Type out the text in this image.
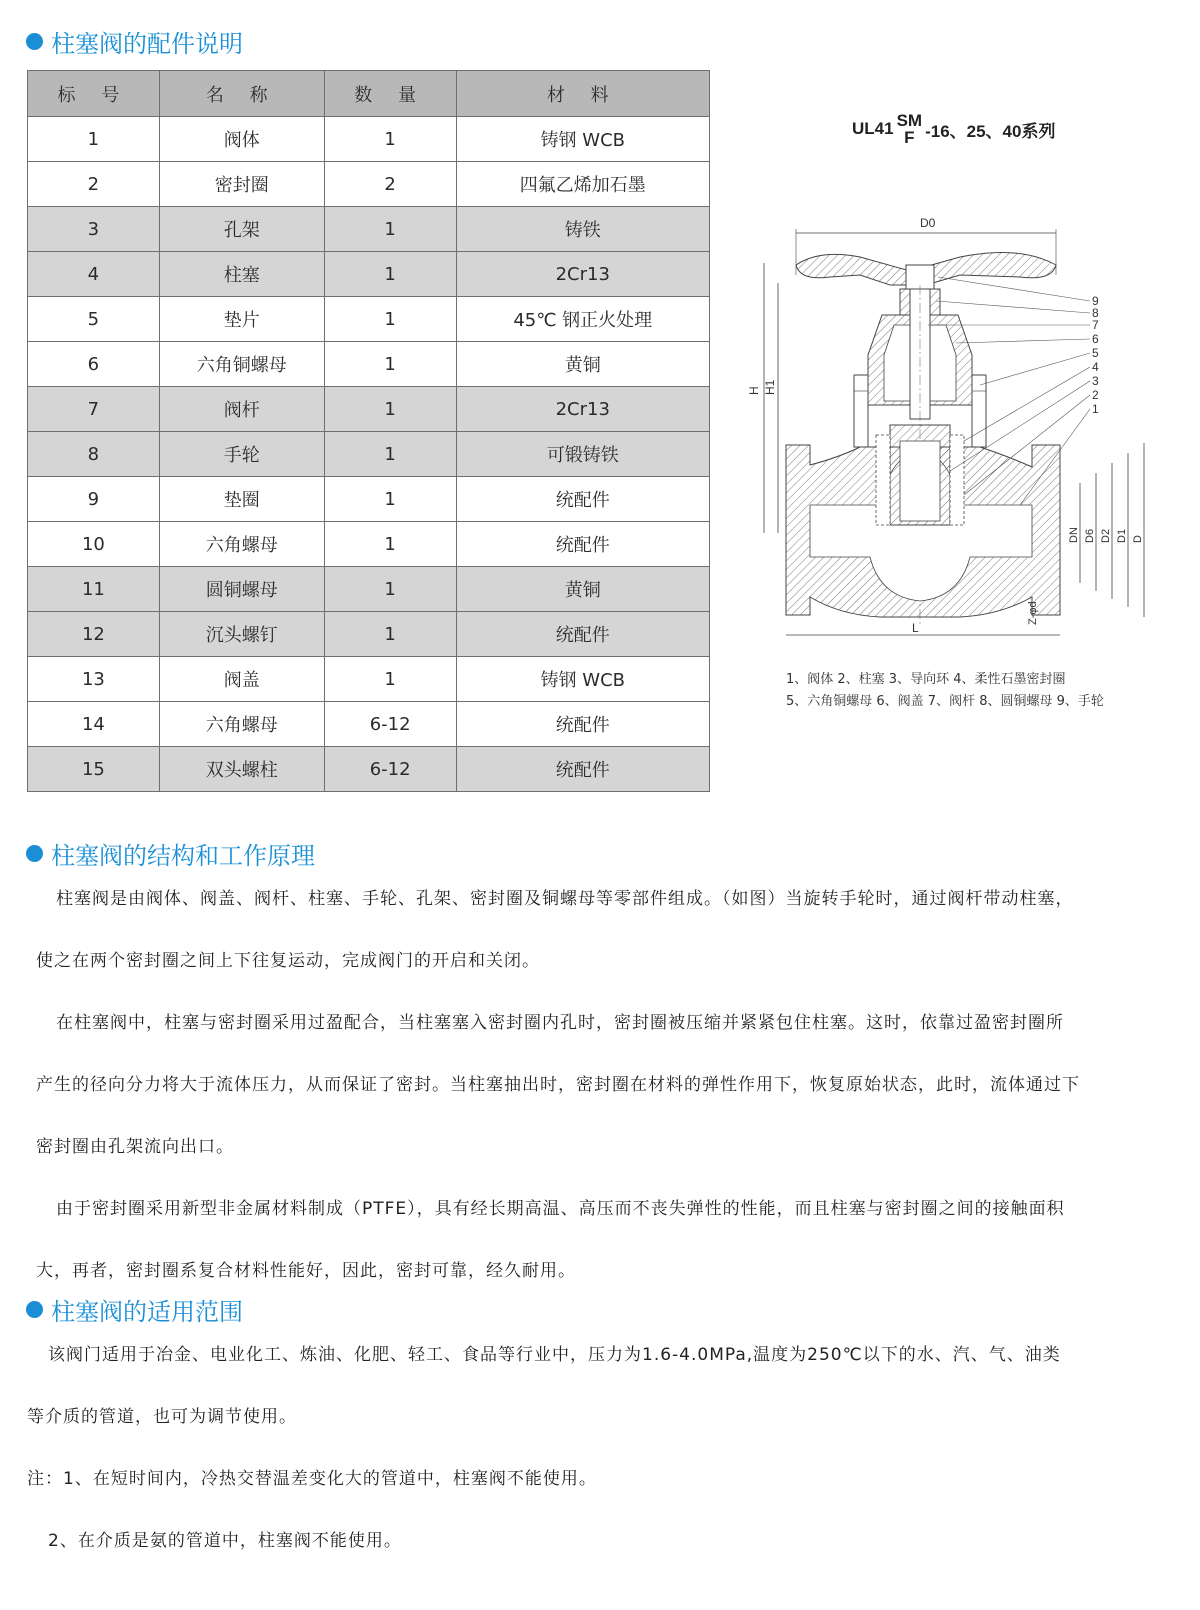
柱塞阀的配件说明
标 号	名 称	数 量	材 料
1	阀体	1	铸钢 WCB
2	密封圈	2	四氟乙烯加石墨
3	孔架	1	铸铁
4	柱塞	1	2Cr13
5	垫片	1	45℃ 钢正火处理
6	六角铜螺母	1	黄铜
7	阀杆	1	2Cr13
8	手轮	1	可锻铸铁
9	垫圈	1	统配件
10	六角螺母	1	统配件
11	圆铜螺母	1	黄铜
12	沉头螺钉	1	统配件
13	阀盖	1	铸钢 WCB
14	六角螺母	6-12	统配件
15	双头螺柱	6-12	统配件
UL41 SM
F -16、25、40系列
D0
9
8
7
6
5
4
3
2
1
H H1
DN D6 D2 D1 D
Z-φd
L
1、阀体 2、柱塞 3、导向环 4、柔性石墨密封圈
5、六角铜螺母 6、阀盖 7、阀杆 8、圆铜螺母 9、手轮
柱塞阀的结构和工作原理
柱塞阀是由阀体、阀盖、阀杆、柱塞、手轮、孔架、密封圈及铜螺母等零部件组成。（如图）当旋转手轮时，通过阀杆带动柱塞，
使之在两个密封圈之间上下往复运动，完成阀门的开启和关闭。
在柱塞阀中，柱塞与密封圈采用过盈配合，当柱塞塞入密封圈内孔时，密封圈被压缩并紧紧包住柱塞。这时，依靠过盈密封圈所
产生的径向分力将大于流体压力，从而保证了密封。当柱塞抽出时，密封圈在材料的弹性作用下，恢复原始状态，此时，流体通过下
密封圈由孔架流向出口。
由于密封圈采用新型非金属材料制成（PTFE），具有经长期高温、高压而不丧失弹性的性能，而且柱塞与密封圈之间的接触面积
大，再者，密封圈系复合材料性能好，因此，密封可靠，经久耐用。
柱塞阀的适用范围
该阀门适用于冶金、电业化工、炼油、化肥、轻工、食品等行业中，压力为1.6-4.0MPa,温度为250℃以下的水、汽、气、油类
等介质的管道，也可为调节使用。
注：1、在短时间内，冷热交替温差变化大的管道中，柱塞阀不能使用。
2、在介质是氨的管道中，柱塞阀不能使用。
